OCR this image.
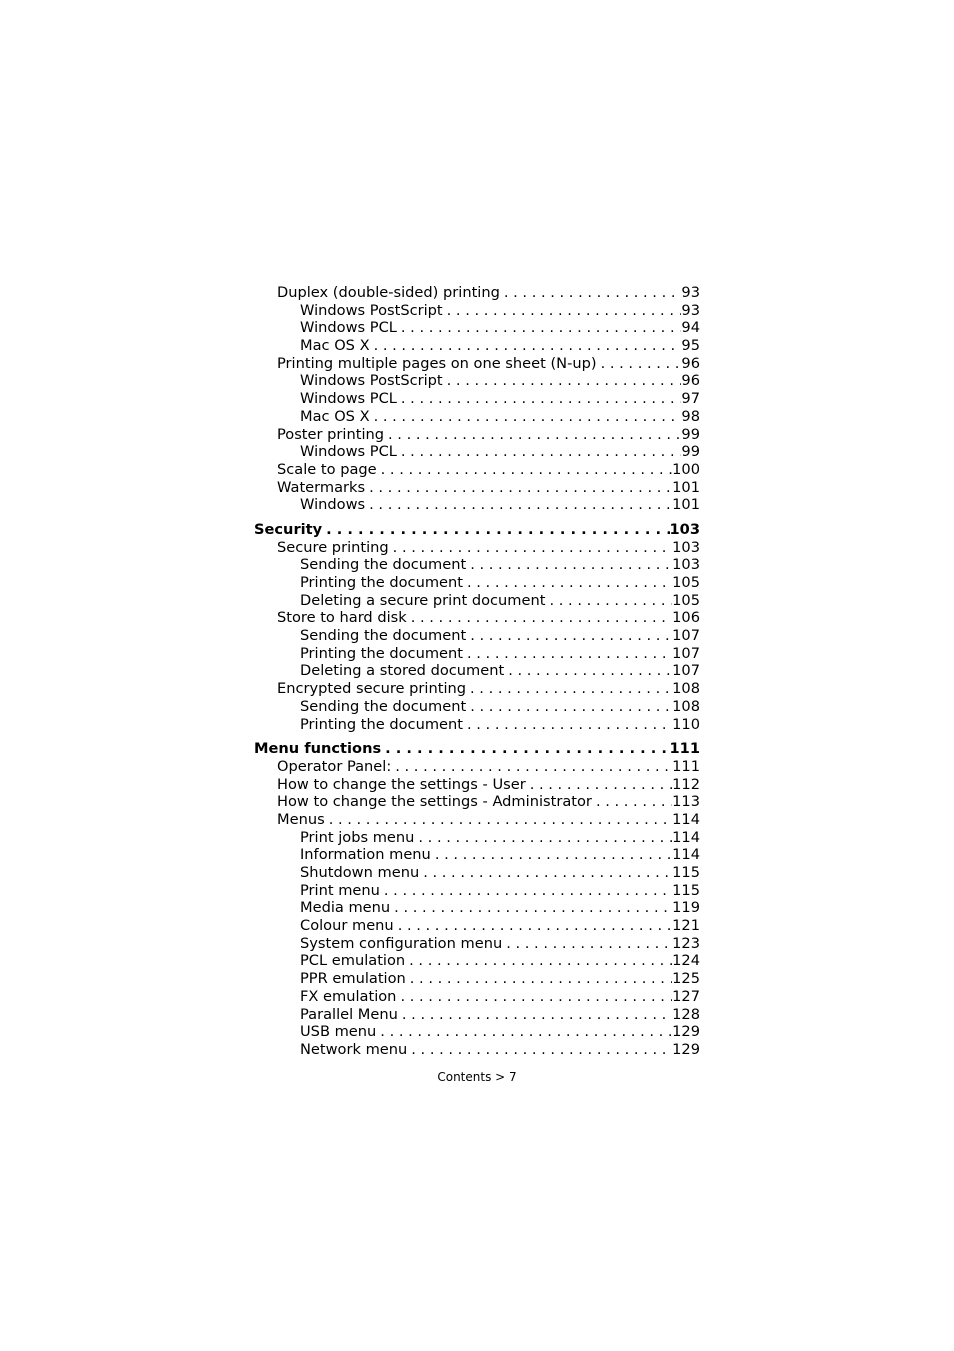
Duplex (double-sided) printing . . .	93
Windows PostScript . . .	93
Windows PCL . . .	94
Mac OS X . . .	95
Printing multiple pages on one sheet (N-up) . . .	96
Windows PostScript . . .	96
Windows PCL . . .	97
Mac OS X . . .	98
Poster printing . . .	99
Windows PCL . . .	99
Scale to page . . .	100
Watermarks . . .	101
Windows . . .	101
Security . . .	103
Secure printing . . .	103
Sending the document . . .	103
Printing the document . . .	105
Deleting a secure print document . . .	105
Store to hard disk . . .	106
Sending the document . . .	107
Printing the document . . .	107
Deleting a stored document . . .	107
Encrypted secure printing . . .	108
Sending the document . . .	108
Printing the document . . .	110
Menu functions . . .	111
Operator Panel: . . .	111
How to change the settings - User . . .	112
How to change the settings - Administrator . . .	113
Menus . . .	114
Print jobs menu . . .	114
Information menu . . .	114
Shutdown menu . . .	115
Print menu . . .	115
Media menu . . .	119
Colour menu . . .	121
System configuration menu . . .	123
PCL emulation . . .	124
PPR emulation . . .	125
FX emulation . . .	127
Parallel Menu . . .	128
USB menu . . .	129
Network menu . . .	129
Contents > 7
